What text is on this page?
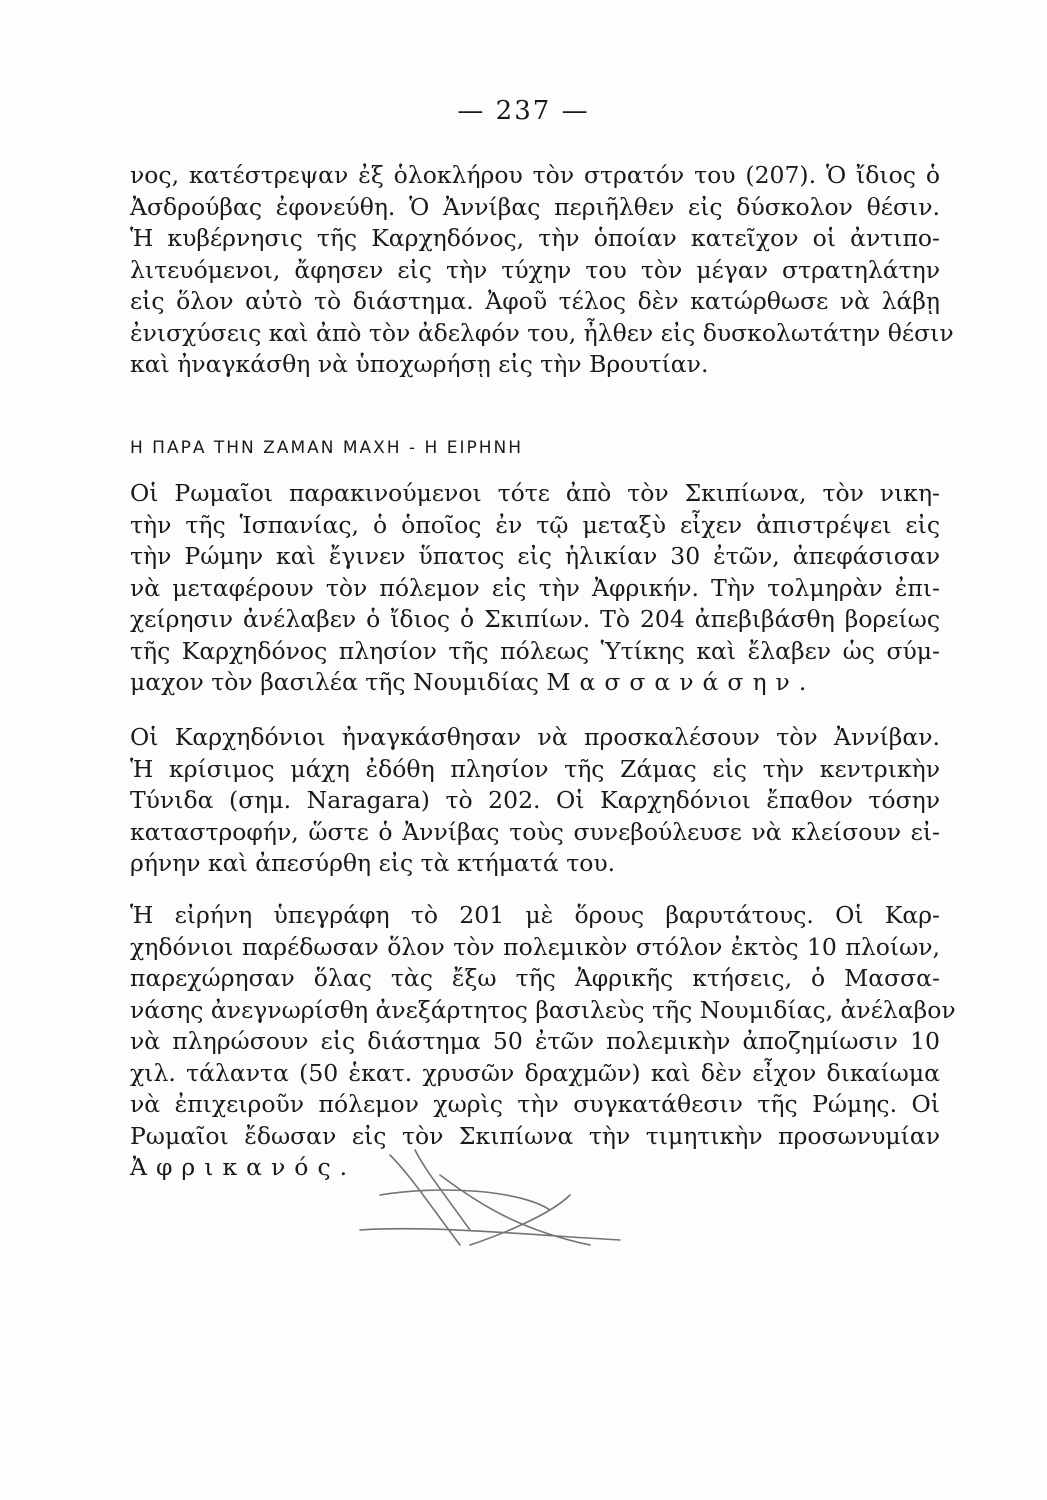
— 237 —
νος, κατέστρεψαν ἐξ ὁλοκλήρου τὸν στρατόν του (207). Ὁ ἴδιος ὁ
Ἀσδρούβας ἐφονεύθη. Ὁ Ἀννίβας περιῆλθεν εἰς δύσκολον θέσιν.
Ἡ κυβέρνησις τῆς Καρχηδόνος, τὴν ὁποίαν κατεῖχον οἱ ἀντιπο-
λιτευόμενοι, ἄφησεν εἰς τὴν τύχην του τὸν μέγαν στρατηλάτην
εἰς ὅλον αὐτὸ τὸ διάστημα. Ἀφοῦ τέλος δὲν κατώρθωσε νὰ λάβῃ
ἐνισχύσεις καὶ ἀπὸ τὸν ἀδελφόν του, ἦλθεν εἰς δυσκολωτάτην θέσιν
καὶ ἠναγκάσθη νὰ ὑποχωρήσῃ εἰς τὴν Βρουτίαν.
Η ΠΑΡΑ ΤΗΝ ΖΑΜΑΝ ΜΑΧΗ - Η ΕΙΡΗΝΗ
Οἱ Ρωμαῖοι παρακινούμενοι τότε ἀπὸ τὸν Σκιπίωνα, τὸν νικη-
τὴν τῆς Ἱσπανίας, ὁ ὁποῖος ἐν τῷ μεταξὺ εἶχεν ἀπιστρέψει εἰς
τὴν Ρώμην καὶ ἔγινεν ὕπατος εἰς ἡλικίαν 30 ἐτῶν, ἀπεφάσισαν
νὰ μεταφέρουν τὸν πόλεμον εἰς τὴν Ἀφρικήν. Τὴν τολμηρὰν ἐπι-
χείρησιν ἀνέλαβεν ὁ ἴδιος ὁ Σκιπίων. Τὸ 204 ἀπεβιβάσθη βορείως
τῆς Καρχηδόνος πλησίον τῆς πόλεως Ὑτίκης καὶ ἔλαβεν ὡς σύμ-
μαχον τὸν βασιλέα τῆς Νουμιδίας Μασσανάσην.
Οἱ Καρχηδόνιοι ἠναγκάσθησαν νὰ προσκαλέσουν τὸν Ἀννίβαν.
Ἡ κρίσιμος μάχη ἐδόθη πλησίον τῆς Ζάμας εἰς τὴν κεντρικὴν
Τύνιδα (σημ. Naragara) τὸ 202. Οἱ Καρχηδόνιοι ἔπαθον τόσην
καταστροφήν, ὥστε ὁ Ἀννίβας τοὺς συνεβούλευσε νὰ κλείσουν εἰ-
ρήνην καὶ ἀπεσύρθη εἰς τὰ κτήματά του.
Ἡ εἰρήνη ὑπεγράφη τὸ 201 μὲ ὅρους βαρυτάτους. Οἱ Καρ-
χηδόνιοι παρέδωσαν ὅλον τὸν πολεμικὸν στόλον ἐκτὸς 10 πλοίων,
παρεχώρησαν ὅλας τὰς ἔξω τῆς Ἀφρικῆς κτήσεις, ὁ Μασσα-
νάσης ἀνεγνωρίσθη ἀνεξάρτητος βασιλεὺς τῆς Νουμιδίας, ἀνέλαβον
νὰ πληρώσουν εἰς διάστημα 50 ἐτῶν πολεμικὴν ἀποζημίωσιν 10
χιλ. τάλαντα (50 ἑκατ. χρυσῶν δραχμῶν) καὶ δὲν εἶχον δικαίωμα
νὰ ἐπιχειροῦν πόλεμον χωρὶς τὴν συγκατάθεσιν τῆς Ρώμης. Οἱ
Ρωμαῖοι ἔδωσαν εἰς τὸν Σκιπίωνα τὴν τιμητικὴν προσωνυμίαν
Ἀφρικανός.
